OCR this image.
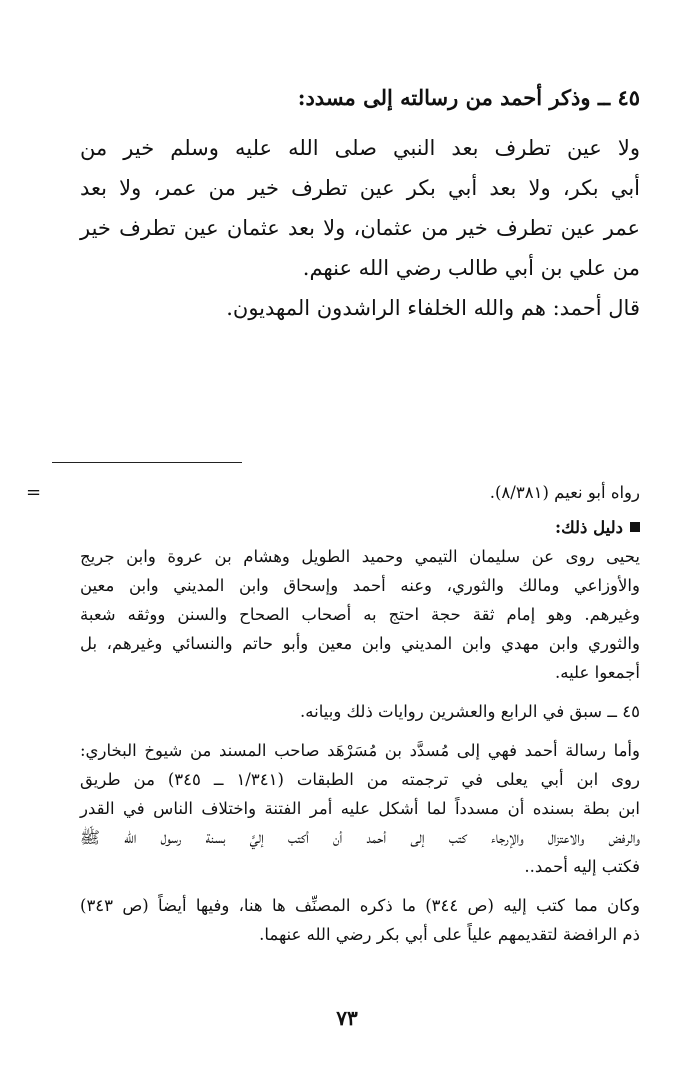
٤٥ ــ وذكر أحمد من رسالته إلى مسدد:
ولا عين تطرف بعد النبي صلى الله عليه وسلم خير من
أبي بكر، ولا بعد أبي بكر عين تطرف خير من عمر، ولا بعد
عمر عين تطرف خير من عثمان، ولا بعد عثمان عين تطرف خير
من علي بن أبي طالب رضي الله عنهم.
قال أحمد: هم والله الخلفاء الراشدون المهديون.
=	رواه أبو نعيم (٨/٣٨١).
دليل ذلك:
يحيى روى عن سليمان التيمي وحميد الطويل وهشام بن عروة وابن جريج
والأوزاعي ومالك والثوري، وعنه أحمد وإسحاق وابن المديني وابن معين
وغيرهم. وهو إمام ثقة حجة احتج به أصحاب الصحاح والسنن ووثقه شعبة
والثوري وابن مهدي وابن المديني وابن معين وأبو حاتم والنسائي وغيرهم، بل
أجمعوا عليه.
٤٥ ــ سبق في الرابع والعشرين روايات ذلك وبيانه.
وأما رسالة أحمد فهي إلى مُسدَّد بن مُسَرْهَد صاحب المسند من شيوخ البخاري:
روى ابن أبي يعلى في ترجمته من الطبقات (١/٣٤١ ــ ٣٤٥) من طريق
ابن بطة بسنده أن مسدداً لما أشكل عليه أمر الفتنة واختلاف الناس في القدر
والرفض والاعتزال والإرجاء كتب إلى أحمد أن أكتب إليَّ بسنة رسول الله ﷺ
فكتب إليه أحمد..
وكان مما كتب إليه (ص ٣٤٤) ما ذكره المصنِّف ها هنا، وفيها أيضاً (ص ٣٤٣)
ذم الرافضة لتقديمهم علياً على أبي بكر رضي الله عنهما.
٧٣
